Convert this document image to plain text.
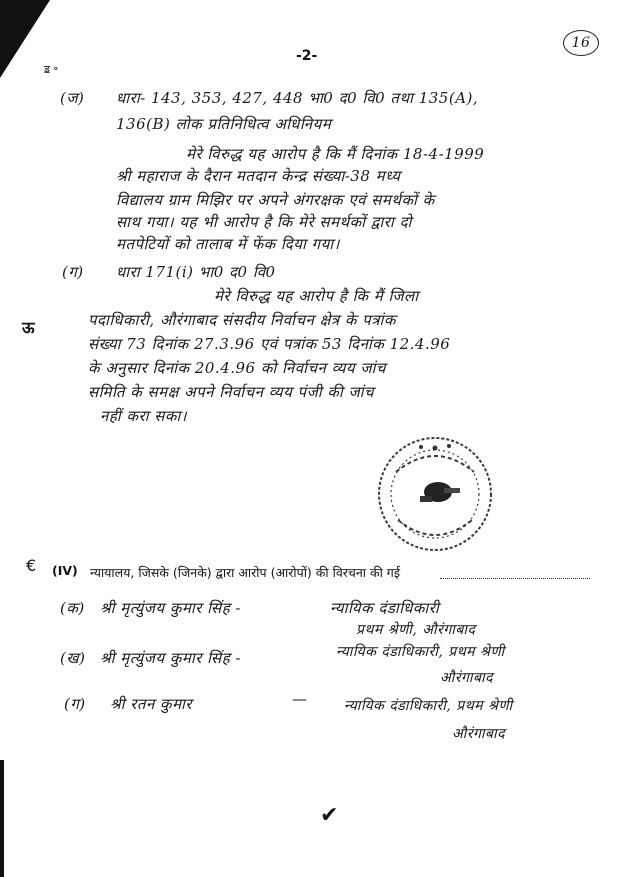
-2-
16
ॾ ॰
(ज) धारा- 143, 353, 427, 448 भा0 द0 वि0 तथा 135(A),
136(B) लोक प्रतिनिधित्व अधिनियम
मेरे विरुद्ध यह आरोप है कि मैं दिनांक 18-4-1999
श्री महाराज के दैरान मतदान केन्द्र संख्या-38 मध्य
विद्यालय ग्राम मिझिर पर अपने अंगरक्षक एवं समर्थकों के
साथ गया। यह भी आरोप है कि मेरे समर्थकों द्वारा दो
मतपेटियों को तालाब में फेंक दिया गया।
(ग) धारा 171(i) भा0 द0 वि0
मेरे विरुद्ध यह आरोप है कि मैं जिला
ऊ	पदाधिकारी, औरंगाबाद संसदीय निर्वाचन क्षेत्र के पत्रांक
संख्या 73 दिनांक 27.3.96 एवं पत्रांक 53 दिनांक 12.4.96
के अनुसार दिनांक 20.4.96 को निर्वाचन व्यय जांच
समिति के समक्ष अपने निर्वाचन व्यय पंजी की जांच
नहीं करा सका।
€ (IV) न्यायालय, जिसके (जिनके) द्वारा आरोप (आरोपों) की विरचना की गई
(क) श्री मृत्युंजय कुमार सिंह -	न्यायिक दंडाधिकारी
प्रथम श्रेणी, औरंगाबाद
(ख) श्री मृत्युंजय कुमार सिंह -	न्यायिक दंडाधिकारी, प्रथम श्रेणी
औरंगाबाद
(ग) श्री रतन कुमार	—	न्यायिक दंडाधिकारी, प्रथम श्रेणी
औरंगाबाद
✔
